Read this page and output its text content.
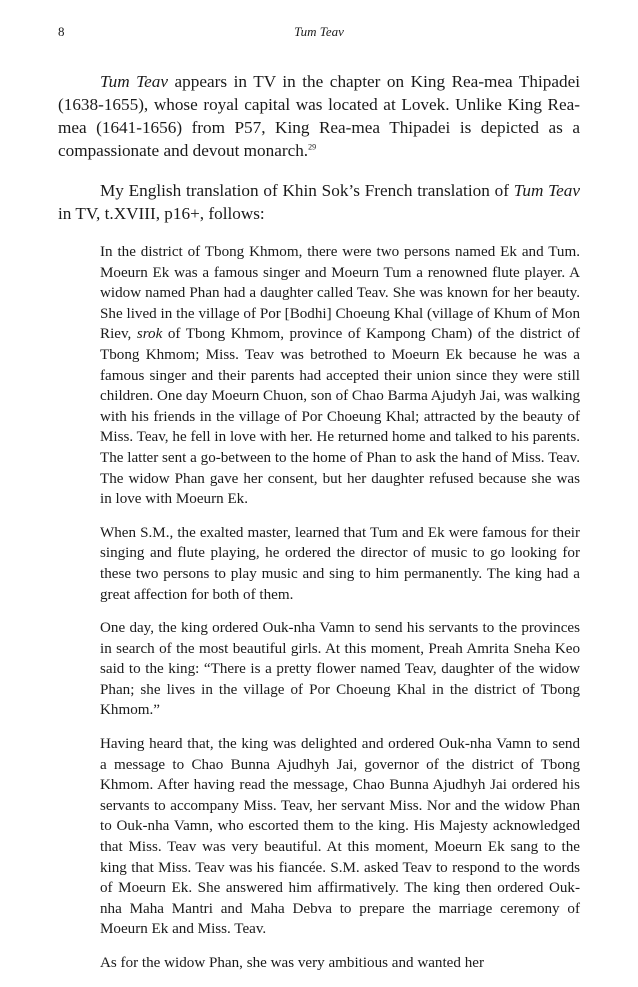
8	Tum Teav

Tum Teav appears in TV in the chapter on King Rea-mea Thipadei (1638-1655), whose royal capital was located at Lovek. Unlike King Rea-mea (1641-1656) from P57, King Rea-mea Thipadei is depicted as a compassionate and devout monarch.$^{29}$

My English translation of Khin Sok’s French translation of Tum Teav in TV, t.XVIII, p16+, follows:

In the district of Tbong Khmom, there were two persons named Ek and Tum. Moeurn Ek was a famous singer and Moeurn Tum a renowned flute player. A widow named Phan had a daughter called Teav. She was known for her beauty. She lived in the village of Por [Bodhi] Choeung Khal (village of Khum of Mon Riev, srok of Tbong Khmom, province of Kampong Cham) of the district of Tbong Khmom; Miss. Teav was betrothed to Moeurn Ek because he was a famous singer and their parents had accepted their union since they were still children. One day Moeurn Chuon, son of Chao Barma Ajudyh Jai, was walking with his friends in the village of Por Choeung Khal; attracted by the beauty of Miss. Teav, he fell in love with her. He returned home and talked to his parents. The latter sent a go-between to the home of Phan to ask the hand of Miss. Teav. The widow Phan gave her consent, but her daughter refused because she was in love with Moeurn Ek.

When S.M., the exalted master, learned that Tum and Ek were famous for their singing and flute playing, he ordered the director of music to go looking for these two persons to play music and sing to him permanently. The king had a great affection for both of them.

One day, the king ordered Ouk-nha Vamn to send his servants to the provinces in search of the most beautiful girls. At this moment, Preah Amrita Sneha Keo said to the king: “There is a pretty flower named Teav, daughter of the widow Phan; she lives in the village of Por Choeung Khal in the district of Tbong Khmom.”

Having heard that, the king was delighted and ordered Ouk-nha Vamn to send a message to Chao Bunna Ajudhyh Jai, governor of the district of Tbong Khmom. After having read the message, Chao Bunna Ajudhyh Jai ordered his servants to accompany Miss. Teav, her servant Miss. Nor and the widow Phan to Ouk-nha Vamn, who escorted them to the king. His Majesty acknowledged that Miss. Teav was very beautiful. At this moment, Moeurn Ek sang to the king that Miss. Teav was his fiancée. S.M. asked Teav to respond to the words of Moeurn Ek. She answered him affirmatively. The king then ordered Ouk-nha Maha Mantri and Maha Debva to prepare the marriage ceremony of Moeurn Ek and Miss. Teav.

As for the widow Phan, she was very ambitious and wanted her
